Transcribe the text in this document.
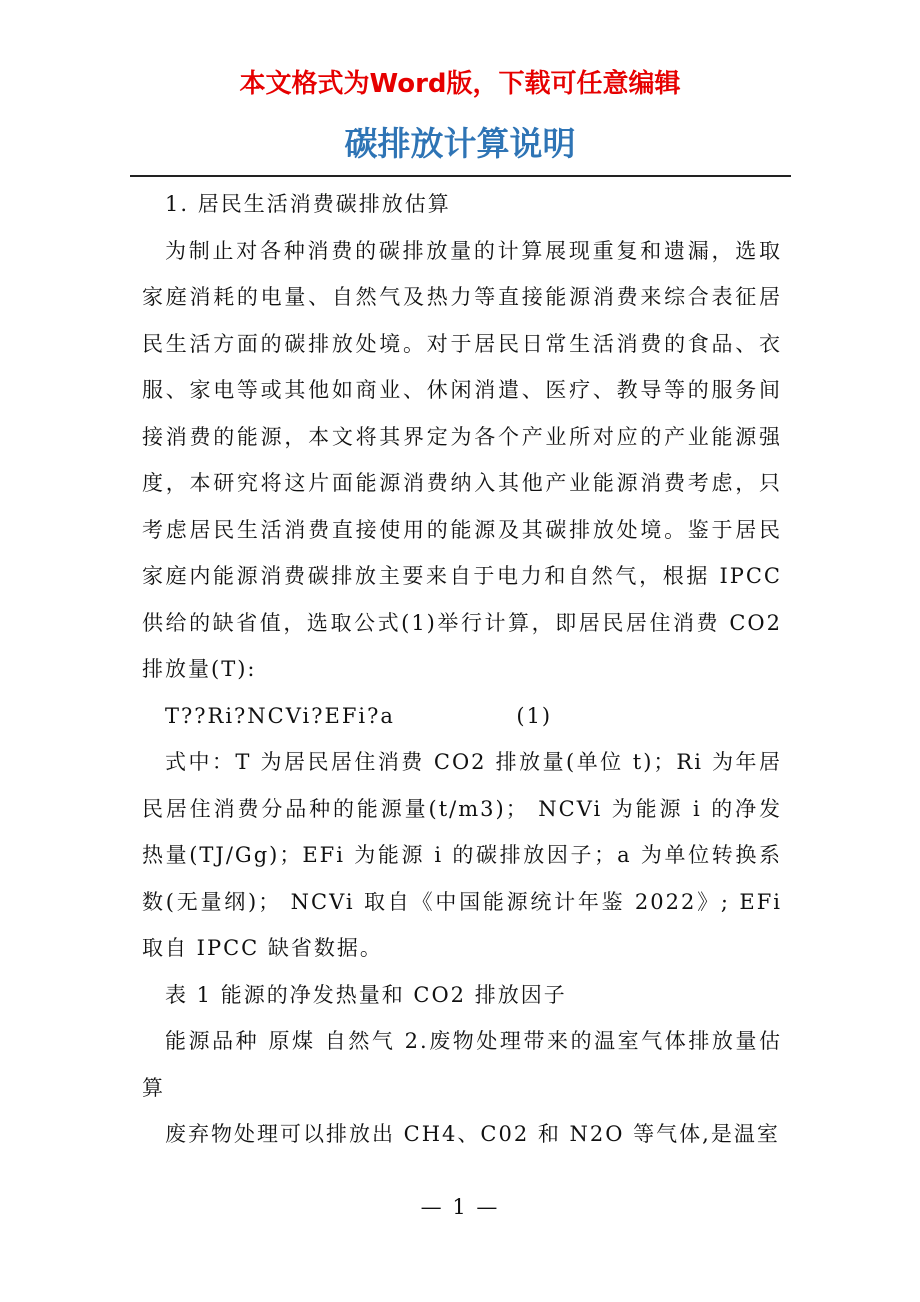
本文格式为Word版，下载可任意编辑
碳排放计算说明

1. 居民生活消费碳排放估算

为制止对各种消费的碳排放量的计算展现重复和遗漏，选取家庭消耗的电量、自然气及热力等直接能源消费来综合表征居民生活方面的碳排放处境。对于居民日常生活消费的食品、衣服、家电等或其他如商业、休闲消遣、医疗、教导等的服务间接消费的能源，本文将其界定为各个产业所对应的产业能源强度，本研究将这片面能源消费纳入其他产业能源消费考虑，只考虑居民生活消费直接使用的能源及其碳排放处境。鉴于居民家庭内能源消费碳排放主要来自于电力和自然气，根据 IPCC 供给的缺省值，选取公式(1)举行计算，即居民居住消费 CO2 排放量(T):

T??Ri?NCVi?EFi?a              (1)

式中：T 为居民居住消费 CO2 排放量(单位 t)；Ri 为年居民居住消费分品种的能源量(t/m3)； NCVi 为能源 i 的净发热量(TJ/Gg)；EFi 为能源 i 的碳排放因子；a 为单位转换系数(无量纲)； NCVi 取自《中国能源统计年鉴 2022》; EFi 取自 IPCC 缺省数据。

表 1 能源的净发热量和 CO2 排放因子

能源品种 原煤 自然气 2.废物处理带来的温室气体排放量估算

废弃物处理可以排放出 CH4、C02 和 N2O 等气体,是温室

— 1 —
